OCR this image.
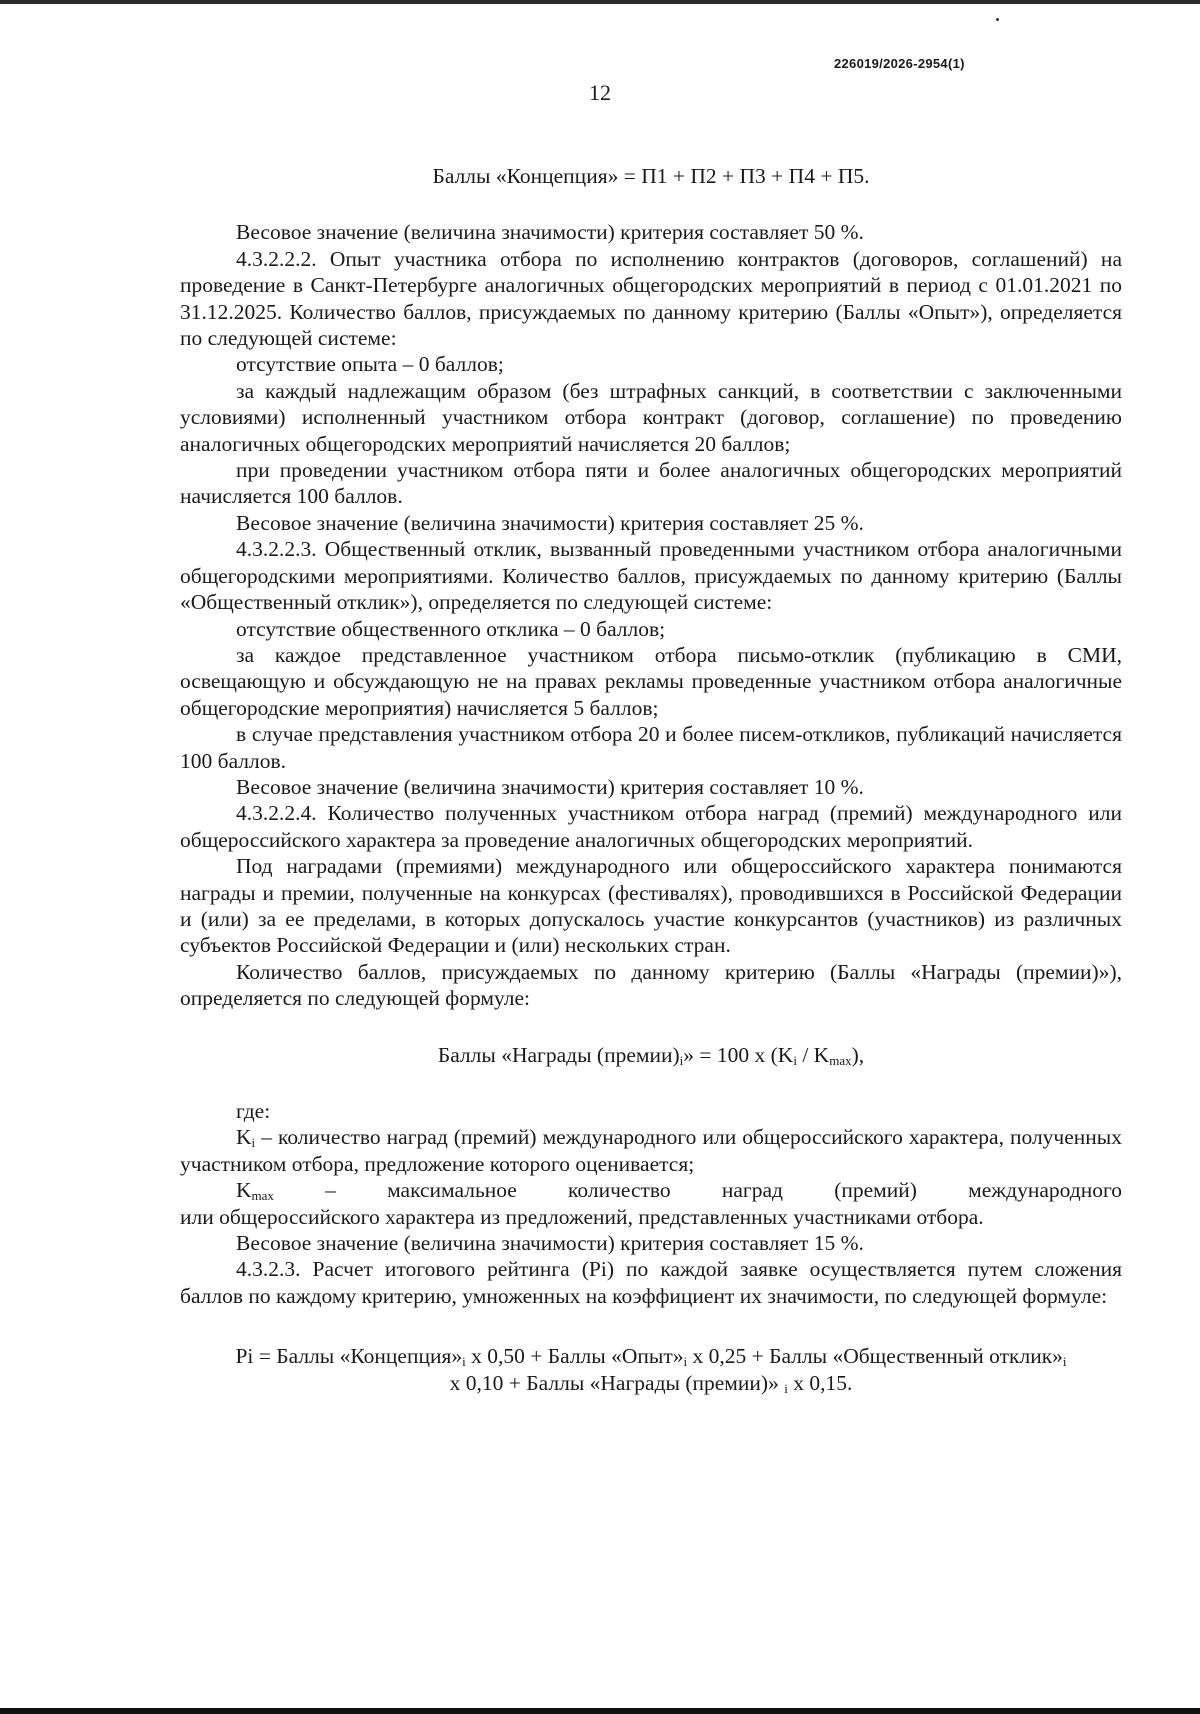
226019/2026-2954(1)
12

Баллы «Концепция» = П1 + П2 + П3 + П4 + П5.

Весовое значение (величина значимости) критерия составляет 50 %.

4.3.2.2.2. Опыт участника отбора по исполнению контрактов (договоров, соглашений) на проведение в Санкт-Петербурге аналогичных общегородских мероприятий в период с 01.01.2021 по 31.12.2025. Количество баллов, присуждаемых по данному критерию (Баллы «Опыт»), определяется по следующей системе:

отсутствие опыта – 0 баллов;

за каждый надлежащим образом (без штрафных санкций, в соответствии с заключенными условиями) исполненный участником отбора контракт (договор, соглашение) по проведению аналогичных общегородских мероприятий начисляется 20 баллов;

при проведении участником отбора пяти и более аналогичных общегородских мероприятий начисляется 100 баллов.

Весовое значение (величина значимости) критерия составляет 25 %.

4.3.2.2.3. Общественный отклик, вызванный проведенными участником отбора аналогичными общегородскими мероприятиями. Количество баллов, присуждаемых по данному критерию (Баллы «Общественный отклик»), определяется по следующей системе:

отсутствие общественного отклика – 0 баллов;

за каждое представленное участником отбора письмо-отклик (публикацию в СМИ, освещающую и обсуждающую не на правах рекламы проведенные участником отбора аналогичные общегородские мероприятия) начисляется 5 баллов;

в случае представления участником отбора 20 и более писем-откликов, публикаций начисляется 100 баллов.

Весовое значение (величина значимости) критерия составляет 10 %.

4.3.2.2.4. Количество полученных участником отбора наград (премий) международного или общероссийского характера за проведение аналогичных общегородских мероприятий.

Под наградами (премиями) международного или общероссийского характера понимаются награды и премии, полученные на конкурсах (фестивалях), проводившихся в Российской Федерации и (или) за ее пределами, в которых допускалось участие конкурсантов (участников) из различных субъектов Российской Федерации и (или) нескольких стран.

Количество баллов, присуждаемых по данному критерию (Баллы «Награды (премии)»), определяется по следующей формуле:

Баллы «Награды $(премии)_i$» = 100 x $(K_i / K_{max})$,

где:

$K_i$ – количество наград (премий) международного или общероссийского характера, полученных участником отбора, предложение которого оценивается;

$K_{max}$ – максимальное количество наград (премий) международного

или общероссийского характера из предложений, представленных участниками отбора.

Весовое значение (величина значимости) критерия составляет 15 %.

4.3.2.3. Расчет итогового рейтинга (Pi) по каждой заявке осуществляется путем сложения баллов по каждому критерию, умноженных на коэффициент их значимости, по следующей формуле:

Pi = Баллы «$Концепция»_i$ x 0,50 + Баллы «$Опыт»_i$ x 0,25 + Баллы «Общественный $отклик»_i$
x 0,10 + Баллы «Награды (премии)» $_i$ x 0,15.
